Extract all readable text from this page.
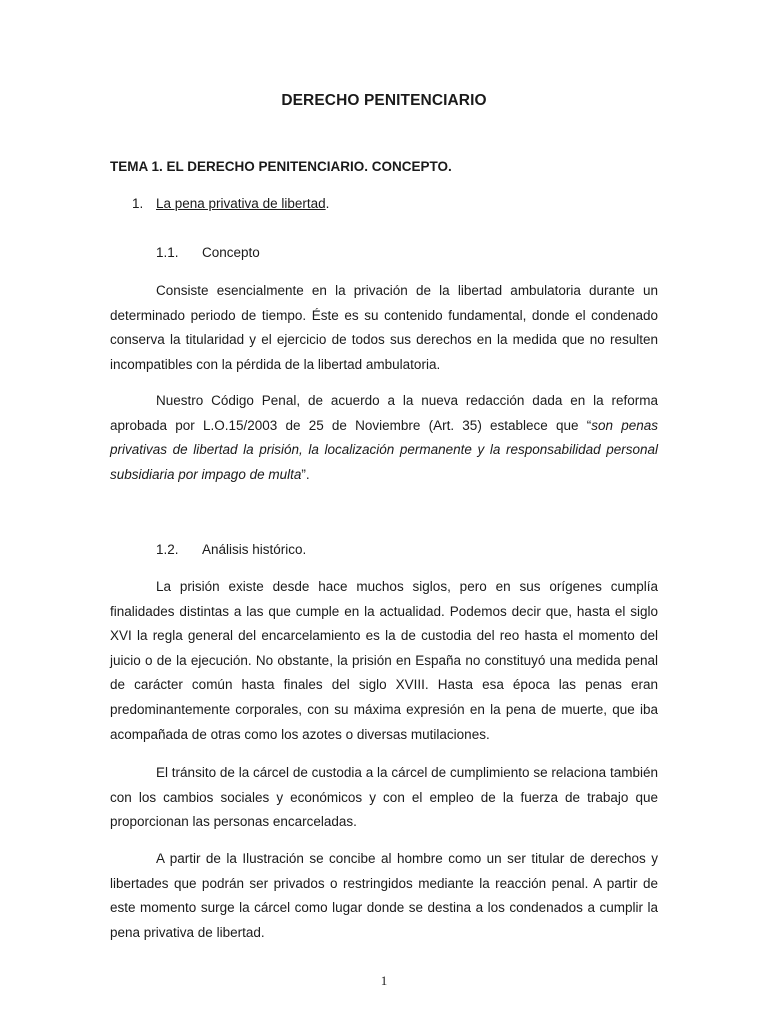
DERECHO PENITENCIARIO
TEMA 1. EL DERECHO PENITENCIARIO. CONCEPTO.
1. La pena privativa de libertad.
1.1. Concepto

Consiste esencialmente en la privación de la libertad ambulatoria durante un determinado periodo de tiempo. Éste es su contenido fundamental, donde el condenado conserva la titularidad y el ejercicio de todos sus derechos en la medida que no resulten incompatibles con la pérdida de la libertad ambulatoria.

Nuestro Código Penal, de acuerdo a la nueva redacción dada en la reforma aprobada por L.O.15/2003 de 25 de Noviembre (Art. 35) establece que “son penas privativas de libertad la prisión, la localización permanente y la responsabilidad personal subsidiaria por impago de multa”.

1.2. Análisis histórico.

La prisión existe desde hace muchos siglos, pero en sus orígenes cumplía finalidades distintas a las que cumple en la actualidad. Podemos decir que, hasta el siglo XVI la regla general del encarcelamiento es la de custodia del reo hasta el momento del juicio o de la ejecución. No obstante, la prisión en España no constituyó una medida penal de carácter común hasta finales del siglo XVIII. Hasta esa época las penas eran predominantemente corporales, con su máxima expresión en la pena de muerte, que iba acompañada de otras como los azotes o diversas mutilaciones.

El tránsito de la cárcel de custodia a la cárcel de cumplimiento se relaciona también con los cambios sociales y económicos y con el empleo de la fuerza de trabajo que proporcionan las personas encarceladas.

A partir de la Ilustración se concibe al hombre como un ser titular de derechos y libertades que podrán ser privados o restringidos mediante la reacción penal. A partir de este momento surge la cárcel como lugar donde se destina a los condenados a cumplir la pena privativa de libertad.

1
